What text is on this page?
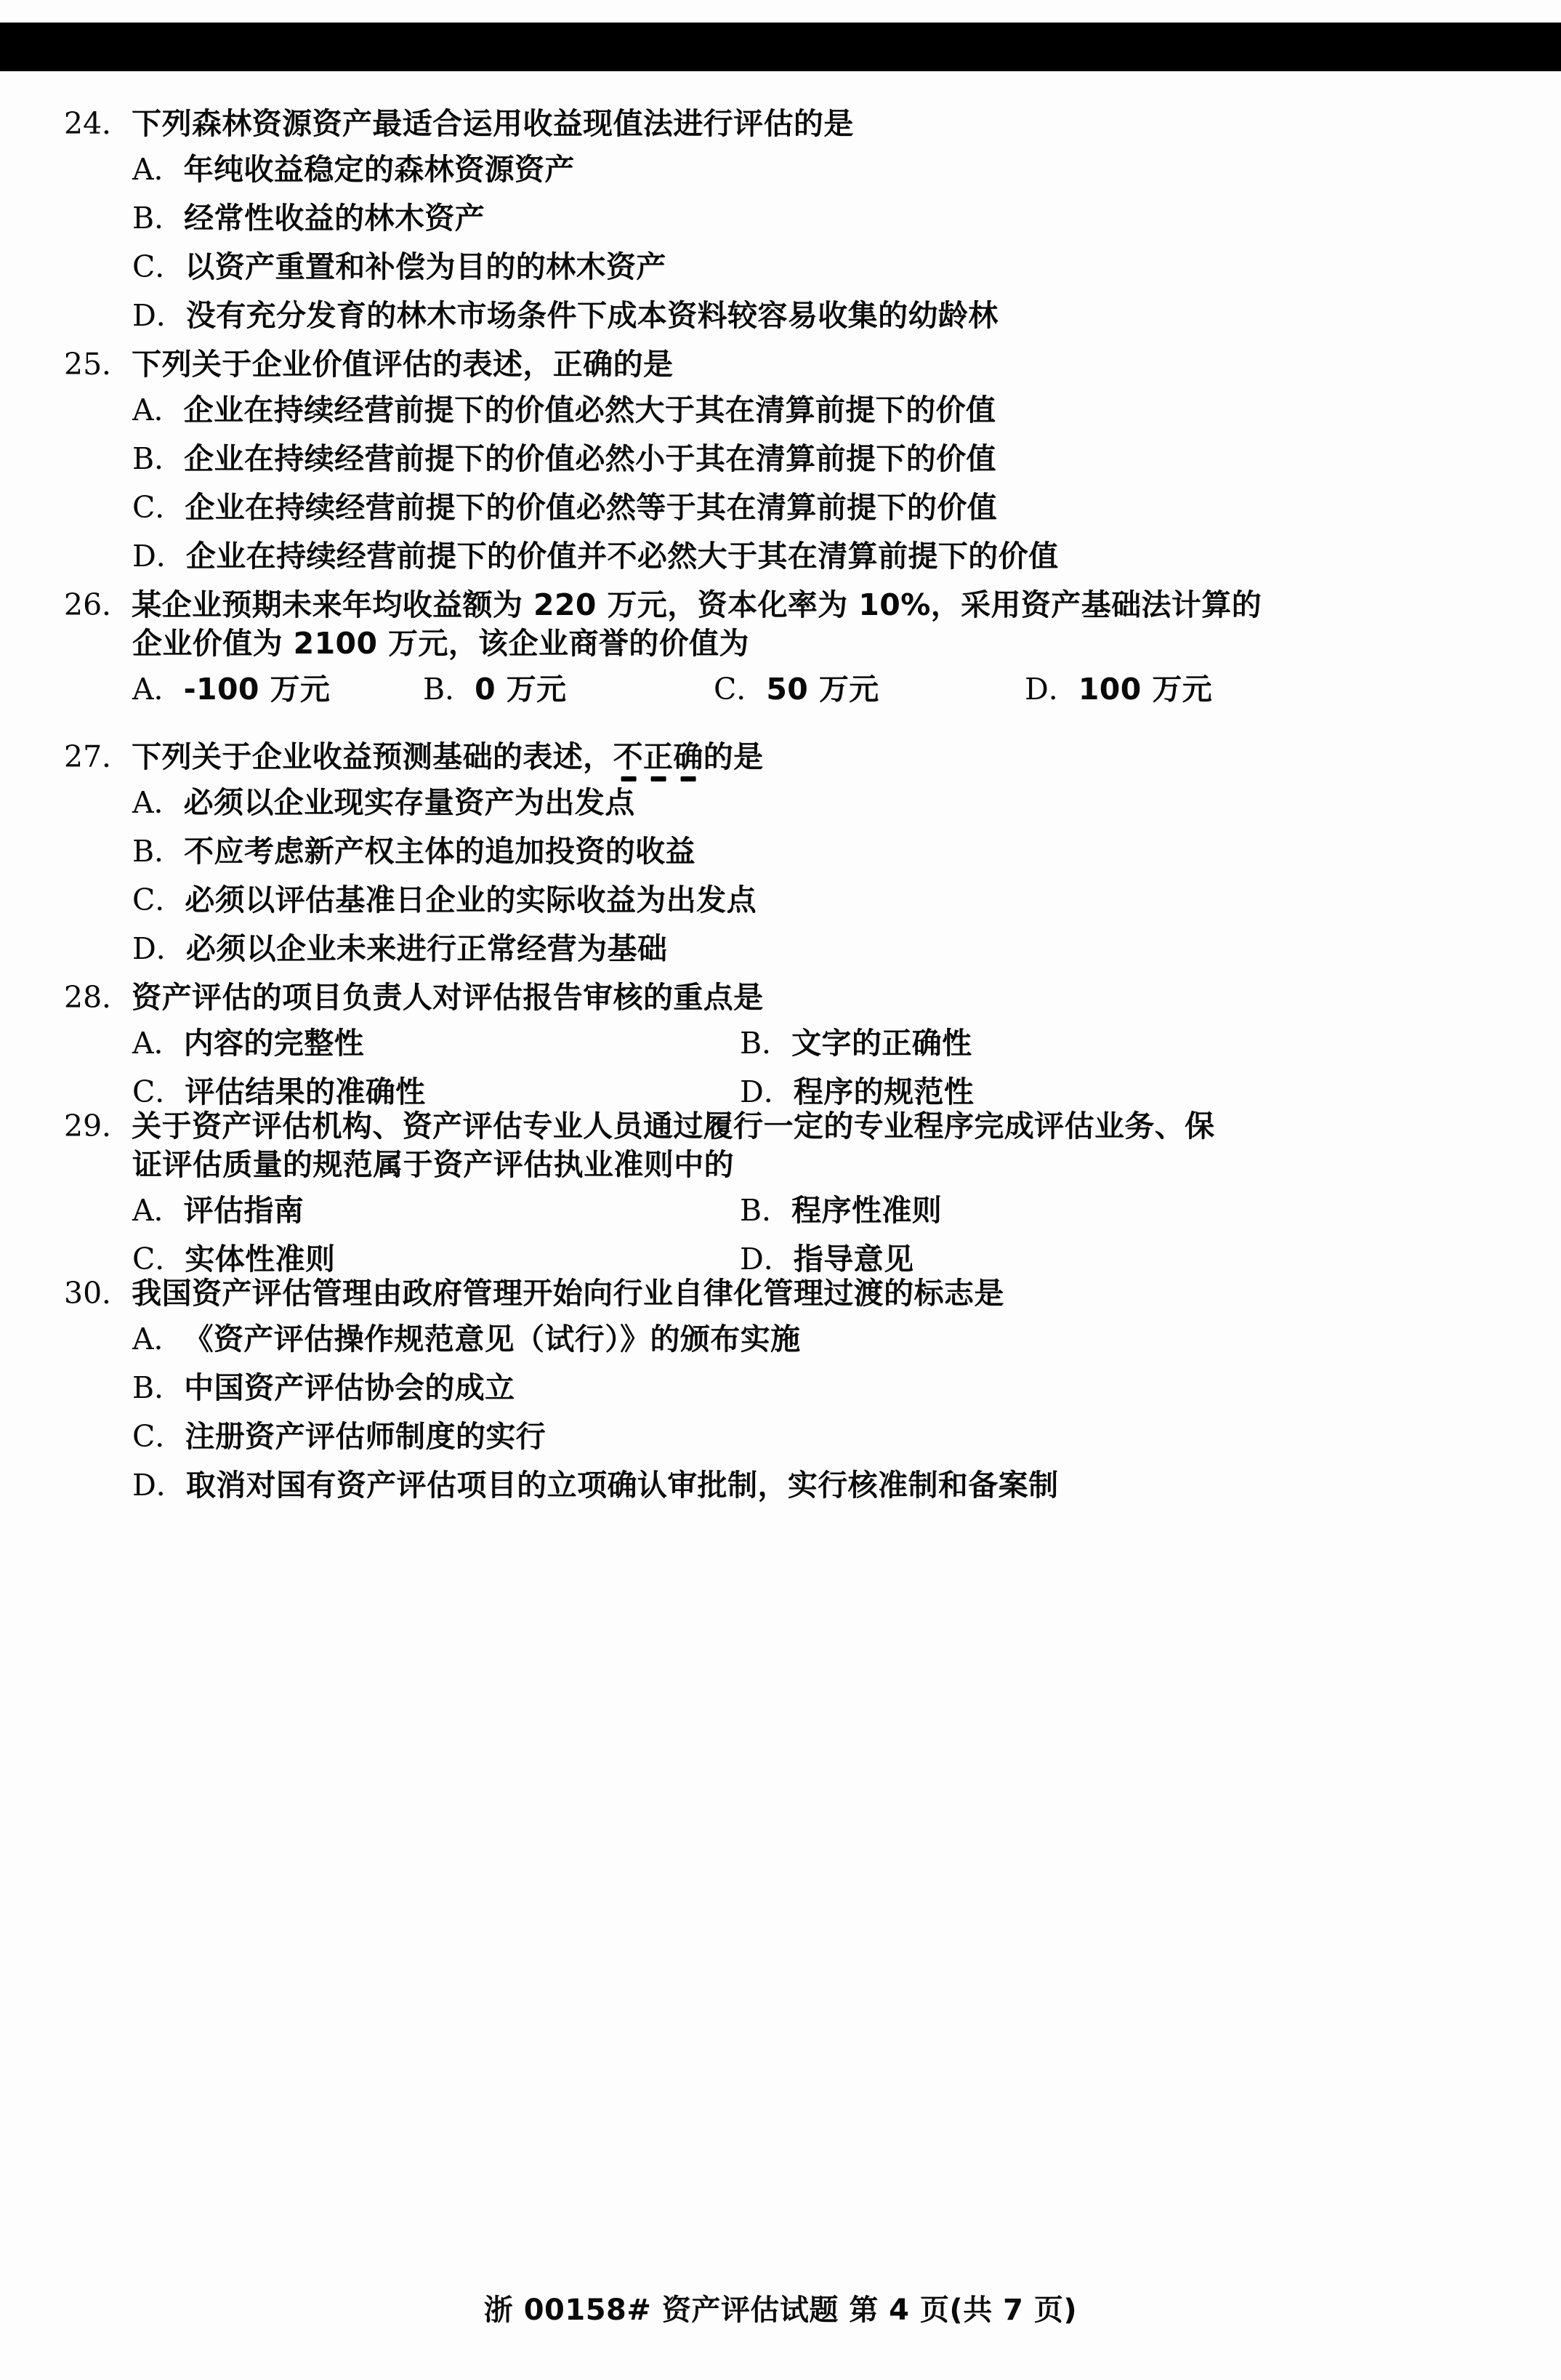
24． 下列森林资源资产最适合运用收益现值法进行评估的是
A． 年纯收益稳定的森林资源资产
B． 经常性收益的林木资产
C． 以资产重置和补偿为目的的林木资产
D． 没有充分发育的林木市场条件下成本资料较容易收集的幼龄林
25． 下列关于企业价值评估的表述，正确的是
A． 企业在持续经营前提下的价值必然大于其在清算前提下的价值
B． 企业在持续经营前提下的价值必然小于其在清算前提下的价值
C． 企业在持续经营前提下的价值必然等于其在清算前提下的价值
D． 企业在持续经营前提下的价值并不必然大于其在清算前提下的价值
26． 某企业预期未来年均收益额为 220 万元，资本化率为 10%，采用资产基础法计算的
企业价值为 2100 万元，该企业商誉的价值为
A． -100 万元	B． 0 万元	C． 50 万元	D． 100 万元
27． 下列关于企业收益预测基础的表述，不正确的是
A． 必须以企业现实存量资产为出发点
B． 不应考虑新产权主体的追加投资的收益
C． 必须以评估基准日企业的实际收益为出发点
D． 必须以企业未来进行正常经营为基础
28． 资产评估的项目负责人对评估报告审核的重点是
A． 内容的完整性	B． 文字的正确性
C． 评估结果的准确性	D． 程序的规范性
29． 关于资产评估机构、资产评估专业人员通过履行一定的专业程序完成评估业务、保
证评估质量的规范属于资产评估执业准则中的
A． 评估指南	B． 程序性准则
C． 实体性准则	D． 指导意见
30． 我国资产评估管理由政府管理开始向行业自律化管理过渡的标志是
A． 《资产评估操作规范意见（试行）》的颁布实施
B． 中国资产评估协会的成立
C． 注册资产评估师制度的实行
D． 取消对国有资产评估项目的立项确认审批制，实行核准制和备案制
浙 00158# 资产评估试题 第 4 页(共 7 页)
